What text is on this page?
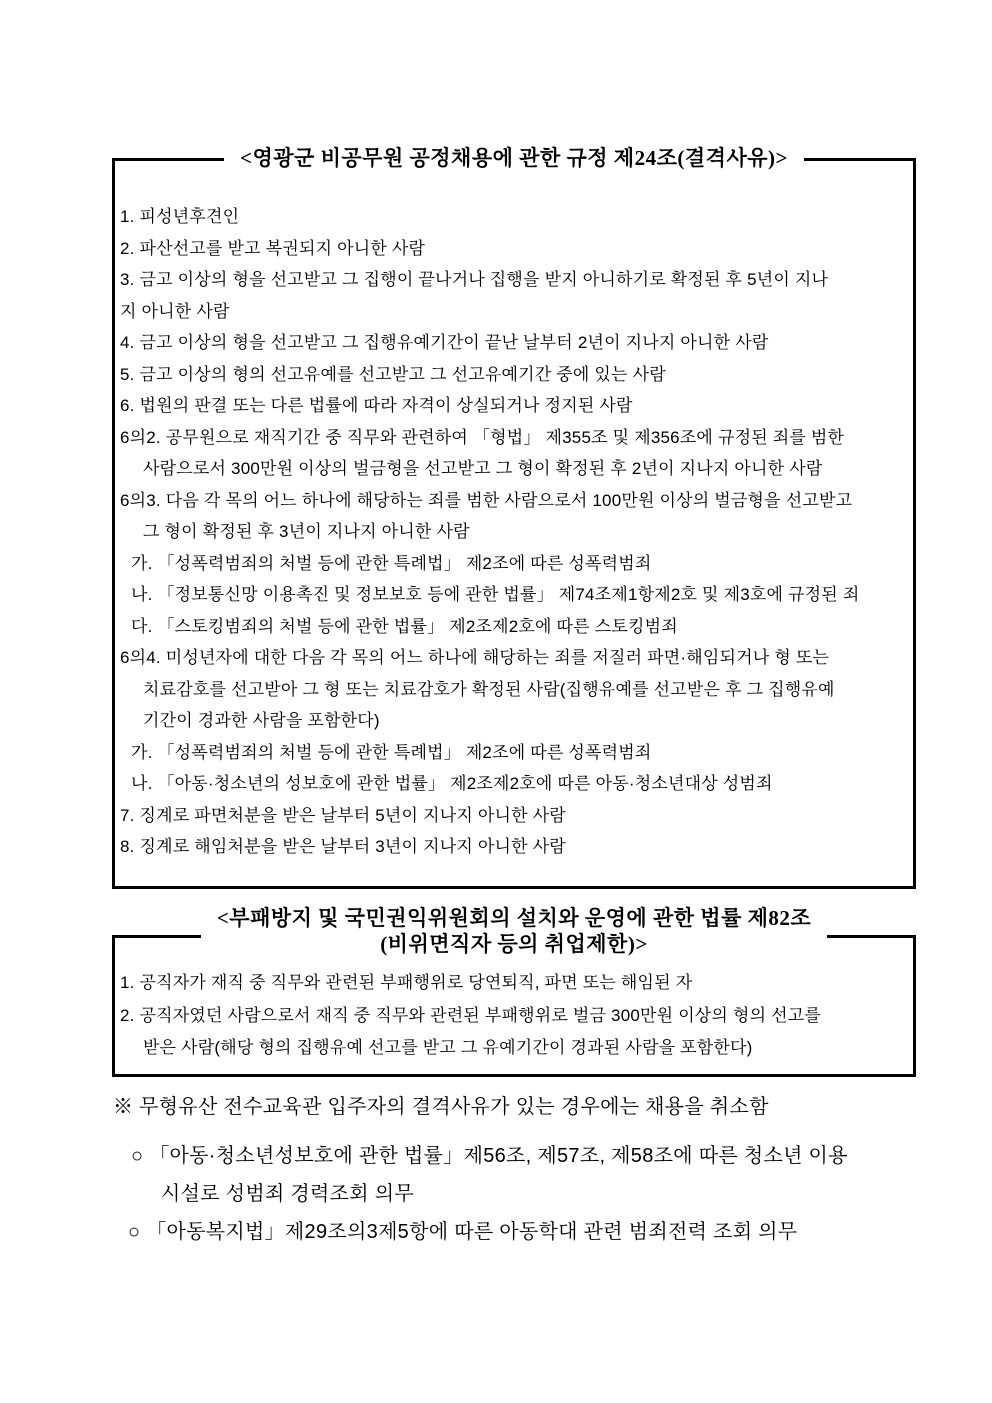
<영광군 비공무원 공정채용에 관한 규정 제24조(결격사유)>
1. 피성년후견인
2. 파산선고를 받고 복권되지 아니한 사람
3. 금고 이상의 형을 선고받고 그 집행이 끝나거나 집행을 받지 아니하기로 확정된 후 5년이 지나
지 아니한 사람
4. 금고 이상의 형을 선고받고 그 집행유예기간이 끝난 날부터 2년이 지나지 아니한 사람
5. 금고 이상의 형의 선고유예를 선고받고 그 선고유예기간 중에 있는 사람
6. 법원의 판결 또는 다른 법률에 따라 자격이 상실되거나 정지된 사람
6의2. 공무원으로 재직기간 중 직무와 관련하여 「형법」 제355조 및 제356조에 규정된 죄를 범한
사람으로서 300만원 이상의 벌금형을 선고받고 그 형이 확정된 후 2년이 지나지 아니한 사람
6의3. 다음 각 목의 어느 하나에 해당하는 죄를 범한 사람으로서 100만원 이상의 벌금형을 선고받고
그 형이 확정된 후 3년이 지나지 아니한 사람
가. 「성폭력범죄의 처벌 등에 관한 특례법」 제2조에 따른 성폭력범죄
나. 「정보통신망 이용촉진 및 정보보호 등에 관한 법률」 제74조제1항제2호 및 제3호에 규정된 죄
다. 「스토킹범죄의 처벌 등에 관한 법률」 제2조제2호에 따른 스토킹범죄
6의4. 미성년자에 대한 다음 각 목의 어느 하나에 해당하는 죄를 저질러 파면·해임되거나 형 또는
치료감호를 선고받아 그 형 또는 치료감호가 확정된 사람(집행유예를 선고받은 후 그 집행유예
기간이 경과한 사람을 포함한다)
가. 「성폭력범죄의 처벌 등에 관한 특례법」 제2조에 따른 성폭력범죄
나. 「아동·청소년의 성보호에 관한 법률」 제2조제2호에 따른 아동·청소년대상 성범죄
7. 징계로 파면처분을 받은 날부터 5년이 지나지 아니한 사람
8. 징계로 해임처분을 받은 날부터 3년이 지나지 아니한 사람
<부패방지 및 국민권익위원회의 설치와 운영에 관한 법률 제82조
(비위면직자 등의 취업제한)>
1. 공직자가 재직 중 직무와 관련된 부패행위로 당연퇴직, 파면 또는 해임된 자
2. 공직자였던 사람으로서 재직 중 직무와 관련된 부패행위로 벌금 300만원 이상의 형의 선고를
받은 사람(해당 형의 집행유예 선고를 받고 그 유예기간이 경과된 사람을 포함한다)
※ 무형유산 전수교육관 입주자의 결격사유가 있는 경우에는 채용을 취소함
○ 「아동·청소년성보호에 관한 법률」제56조, 제57조, 제58조에 따른 청소년 이용
시설로 성범죄 경력조회 의무
○ 「아동복지법」제29조의3제5항에 따른 아동학대 관련 범죄전력 조회 의무
